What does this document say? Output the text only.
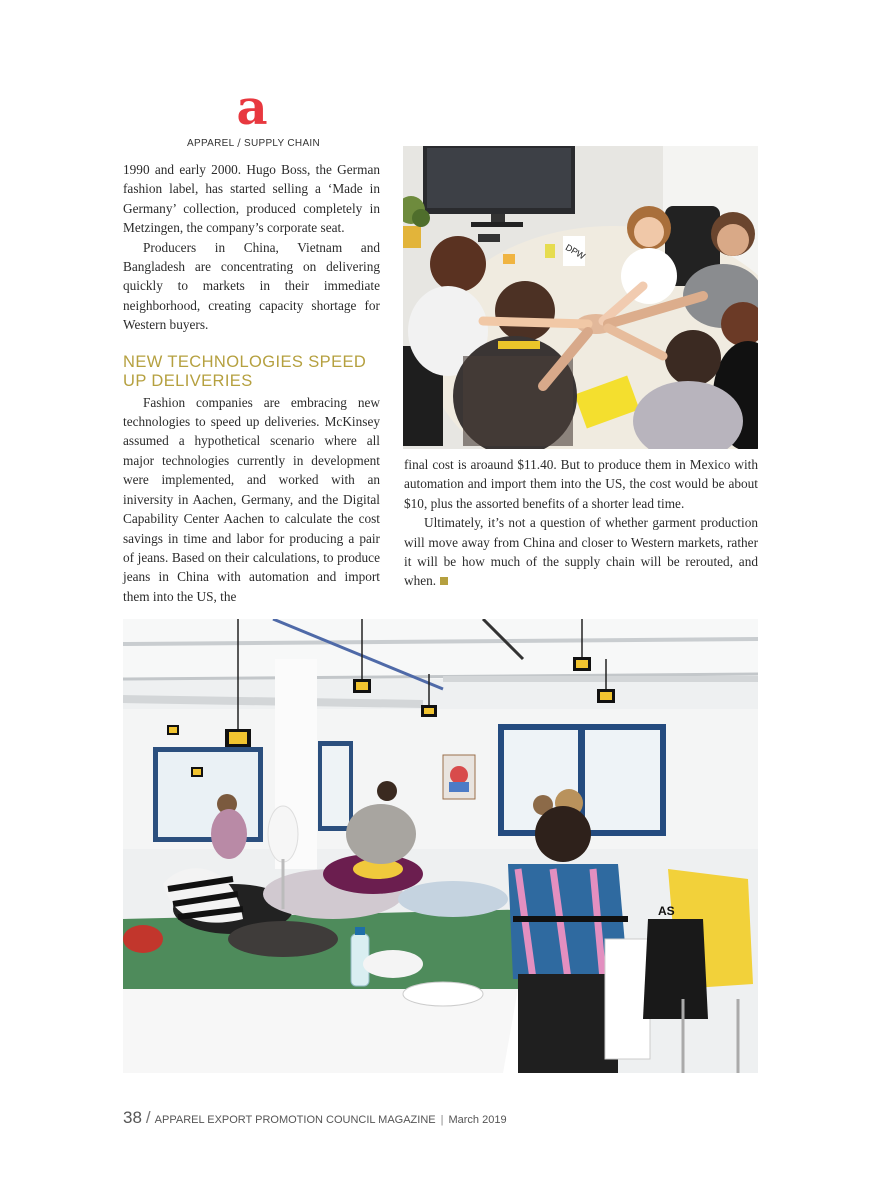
a
APPAREL / SUPPLY CHAIN

1990 and early 2000. Hugo Boss, the German fashion label, has started selling a ‘Made in Germany’ collection, produced completely in Metzingen, the company’s corporate seat.

Producers in China, Vietnam and Bangladesh are concentrating on delivering quickly to markets in their immediate neighborhood, creating capacity shortage for Western buyers.

NEW TECHNOLOGIES SPEED UP DELIVERIES

Fashion companies are embracing new technologies to speed up deliveries. McKinsey assumed a hypothetical scenario where all major technologies currently in development were implemented, and worked with an iniversity in Aachen, Germany, and the Digital Capability Center Aachen to calculate the cost savings in time and labor for producing a pair of jeans. Based on their calculations, to produce jeans in China with automation and import them into the US, the

DPW

final cost is aroaund $11.40. But to produce them in Mexico with automation and import them into the US, the cost would be about $10, plus the assorted benefits of a shorter lead time.

Ultimately, it’s not a question of whether garment production will move away from China and closer to Western markets, rather it will be how much of the supply chain will be rerouted, and when.

AS
38 / APPAREL EXPORT PROMOTION COUNCIL MAGAZINE | March 2019
